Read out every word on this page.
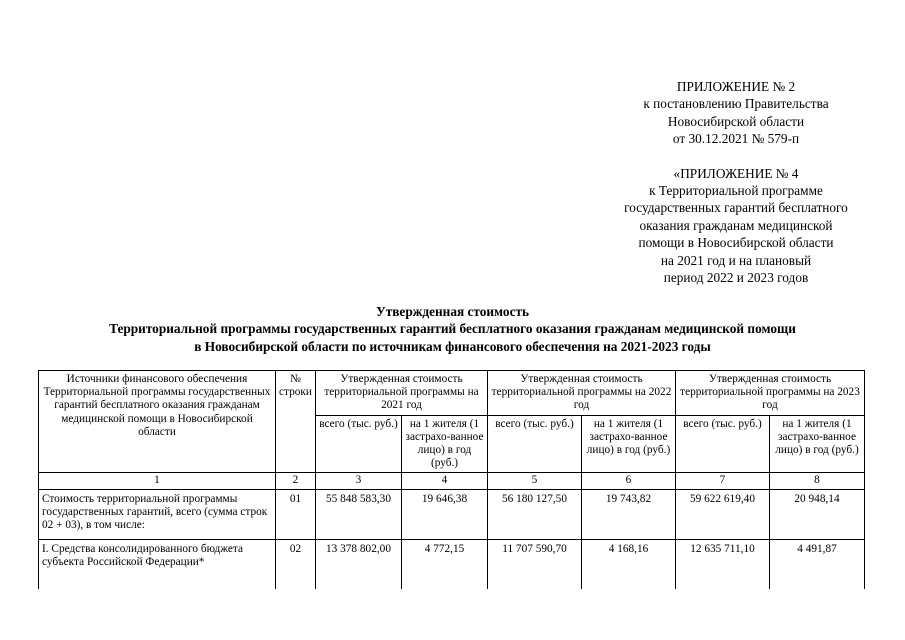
ПРИЛОЖЕНИЕ № 2
к постановлению Правительства
Новосибирской области
от 30.12.2021 № 579-п
«ПРИЛОЖЕНИЕ № 4
к Территориальной программе
государственных гарантий бесплатного
оказания гражданам медицинской
помощи в Новосибирской области
на 2021 год и на плановый
период 2022 и 2023 годов
Утвержденная стоимость
Территориальной программы государственных гарантий бесплатного оказания гражданам медицинской помощи
в Новосибирской области по источникам финансового обеспечения на 2021-2023 годы
Источники финансового обеспечения Территориальной программы государственных гарантий бесплатного оказания гражданам медицинской помощи в Новосибирской области	№ строки	Утвержденная стоимость территориальной программы на 2021 год		Утвержденная стоимость территориальной программы на 2022 год		Утвержденная стоимость территориальной программы на 2023 год	
		всего (тыс. руб.)	на 1 жителя (1 застрахо-ванное лицо) в год (руб.)	всего (тыс. руб.)	на 1 жителя (1 застрахо-ванное лицо) в год (руб.)	всего (тыс. руб.)	на 1 жителя (1 застрахо-ванное лицо) в год (руб.)
1	2	3	4	5	6	7	8
Стоимость территориальной программы государственных гарантий, всего (сумма строк 02 + 03), в том числе:	01	55 848 583,30	19 646,38	56 180 127,50	19 743,82	59 622 619,40	20 948,14
I. Средства консолидированного бюджета субъекта Российской Федерации*	02	13 378 802,00	4 772,15	11 707 590,70	4 168,16	12 635 711,10	4 491,87
